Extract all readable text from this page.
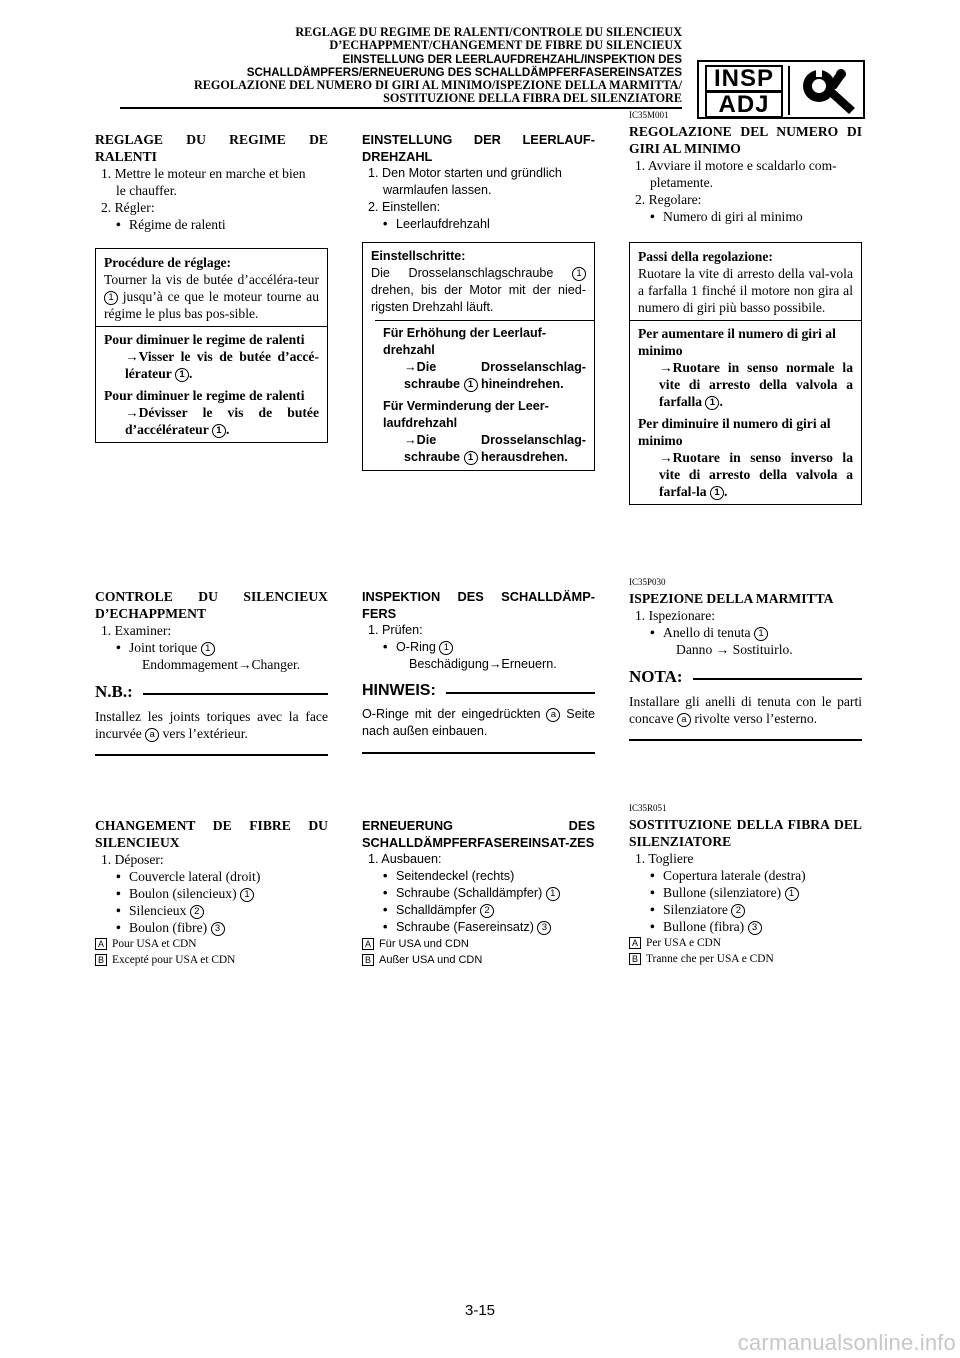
REGLAGE DU REGIME DE RALENTI/CONTROLE DU SILENCIEUX
D’ECHAPPMENT/CHANGEMENT DE FIBRE DU SILENCIEUX
EINSTELLUNG DER LEERLAUFDREHZAHL/INSPEKTION DES
SCHALLDÄMPFERS/ERNEUERUNG DES SCHALLDÄMPFERFASEREINSATZES
REGOLAZIONE DEL NUMERO DI GIRI AL MINIMO/ISPEZIONE DELLA MARMITTA/
SOSTITUZIONE DELLA FIBRA DEL SILENZIATORE
INSP
ADJ
REGLAGE DU REGIME DE RALENTI
1. Mettre le moteur en marche et bien
le chauffer.
2. Régler:
• Régime de ralenti
Procédure de réglage:
Tourner la vis de butée d’accéléra-teur 1 jusqu’à ce que le moteur tourne au régime le plus bas pos-sible.
Pour diminuer le regime de ralenti
→Visser le vis de butée d’accé-lérateur 1 .
Pour diminuer le regime de ralenti
→Dévisser le vis de butée d’accélérateur 1 .
CONTROLE DU SILENCIEUX D’ECHAPPMENT
1. Examiner:
• Joint torique 1
Endommagement→Changer.
N.B.:
Installez les joints toriques avec la face incurvée a vers l’extérieur.
CHANGEMENT DE FIBRE DU SILENCIEUX
1. Déposer:
• Couvercle lateral (droit)
• Boulon (silencieux) 1
• Silencieux 2
• Boulon (fibre) 3
A Pour USA et CDN
B Excepté pour USA et CDN
EINSTELLUNG DER LEERLAUF-DREHZAHL
1. Den Motor starten und gründlich
warmlaufen lassen.
2. Einstellen:
• Leerlaufdrehzahl
Einstellschritte:
Die Drosselanschlagschraube 1 drehen, bis der Motor mit der nied-rigsten Drehzahl läuft.
Für Erhöhung der Leerlauf-drehzahl
→Die Drosselanschlag-schraube 1 hineindrehen.
Für Verminderung der Leer-laufdrehzahl
→Die Drosselanschlag-schraube 1 herausdrehen.
INSPEKTION DES SCHALLDÄMP-FERS
1. Prüfen:
• O-Ring 1
Beschädigung→Erneuern.
HINWEIS:
O-Ringe mit der eingedrückten a Seite nach außen einbauen.
ERNEUERUNG DES SCHALLDÄMPFERFASEREINSAT-ZES
1. Ausbauen:
• Seitendeckel (rechts)
• Schraube (Schalldämpfer) 1
• Schalldämpfer 2
• Schraube (Fasereinsatz) 3
A Für USA und CDN
B Außer USA und CDN
IC35M001
REGOLAZIONE DEL NUMERO DI GIRI AL MINIMO
1. Avviare il motore e scaldarlo com-
pletamente.
2. Regolare:
• Numero di giri al minimo
Passi della regolazione:
Ruotare la vite di arresto della val-vola a farfalla 1 finché il motore non gira al numero di giri più basso possibile.
Per aumentare il numero di giri al minimo
→Ruotare in senso normale la vite di arresto della valvola a farfalla 1 .
Per diminuire il numero di giri al minimo
→Ruotare in senso inverso la vite di arresto della valvola a farfal-la 1 .
IC35P030
ISPEZIONE DELLA MARMITTA
1. Ispezionare:
• Anello di tenuta 1
Danno → Sostituirlo.
NOTA:
Installare gli anelli di tenuta con le parti concave a rivolte verso l’esterno.
IC35R051
SOSTITUZIONE DELLA FIBRA DEL SILENZIATORE
1. Togliere
• Copertura laterale (destra)
• Bullone (silenziatore) 1
• Silenziatore 2
• Bullone (fibra) 3
A Per USA e CDN
B Tranne che per USA e CDN
3-15
carmanualsonline.info
